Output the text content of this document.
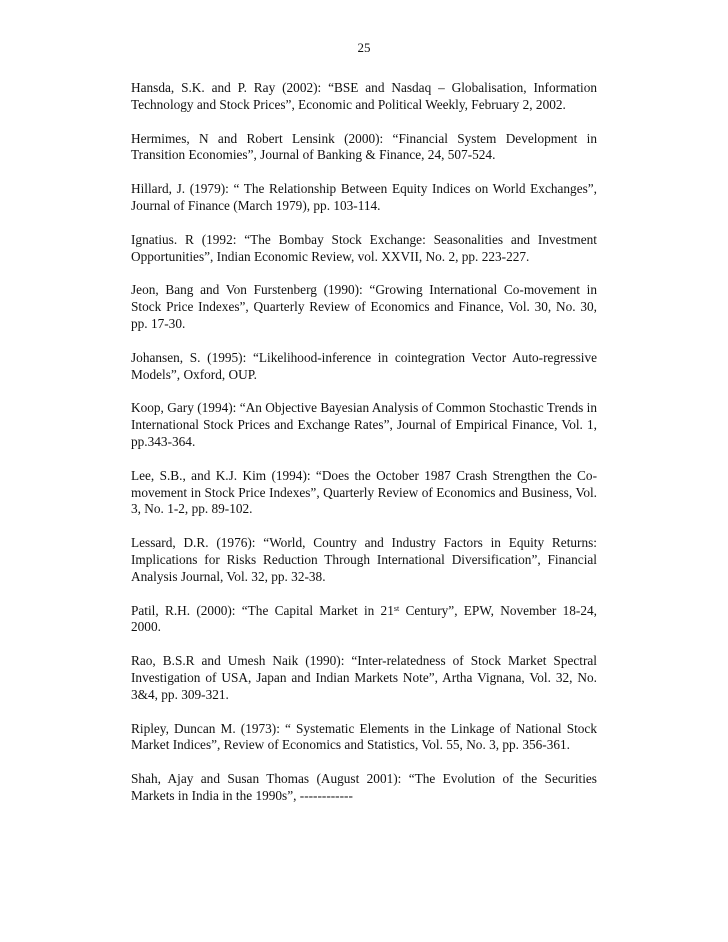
25

Hansda, S.K. and P. Ray (2002): “BSE and Nasdaq – Globalisation, Information Technology and Stock Prices”, Economic and Political Weekly, February 2, 2002.

Hermimes, N and Robert Lensink (2000): “Financial System Development in Transition Economies”, Journal of Banking & Finance, 24, 507-524.

Hillard, J. (1979): “ The Relationship Between Equity Indices on World Exchanges”, Journal of Finance (March 1979), pp. 103-114.

Ignatius. R (1992: “The Bombay Stock Exchange: Seasonalities and Investment Opportunities”, Indian Economic Review, vol. XXVII, No. 2, pp. 223-227.

Jeon, Bang and Von Furstenberg (1990): “Growing International Co-movement in Stock Price Indexes”, Quarterly Review of Economics and Finance, Vol. 30, No. 30, pp. 17-30.

Johansen, S. (1995): “Likelihood-inference in cointegration Vector Auto-regressive Models”, Oxford, OUP.

Koop, Gary (1994): “An Objective Bayesian Analysis of Common Stochastic Trends in International Stock Prices and Exchange Rates”, Journal of Empirical Finance, Vol. 1, pp.343-364.

Lee, S.B., and K.J. Kim (1994): “Does the October 1987 Crash Strengthen the Co-movement in Stock Price Indexes”, Quarterly Review of Economics and Business, Vol. 3, No. 1-2, pp. 89-102.

Lessard, D.R. (1976): “World, Country and Industry Factors in Equity Returns: Implications for Risks Reduction Through International Diversification”, Financial Analysis Journal, Vol. 32, pp. 32-38.

Patil, R.H. (2000): “The Capital Market in 21st Century”, EPW, November 18-24, 2000.

Rao, B.S.R and Umesh Naik (1990): “Inter-relatedness of Stock Market Spectral Investigation of USA, Japan and Indian Markets Note”, Artha Vignana, Vol. 32, No. 3&4, pp. 309-321.

Ripley, Duncan M. (1973): “ Systematic Elements in the Linkage of National Stock Market Indices”, Review of Economics and Statistics, Vol. 55, No. 3, pp. 356-361.

Shah, Ajay and Susan Thomas (August 2001): “The Evolution of the Securities Markets in India in the 1990s”, ------------
